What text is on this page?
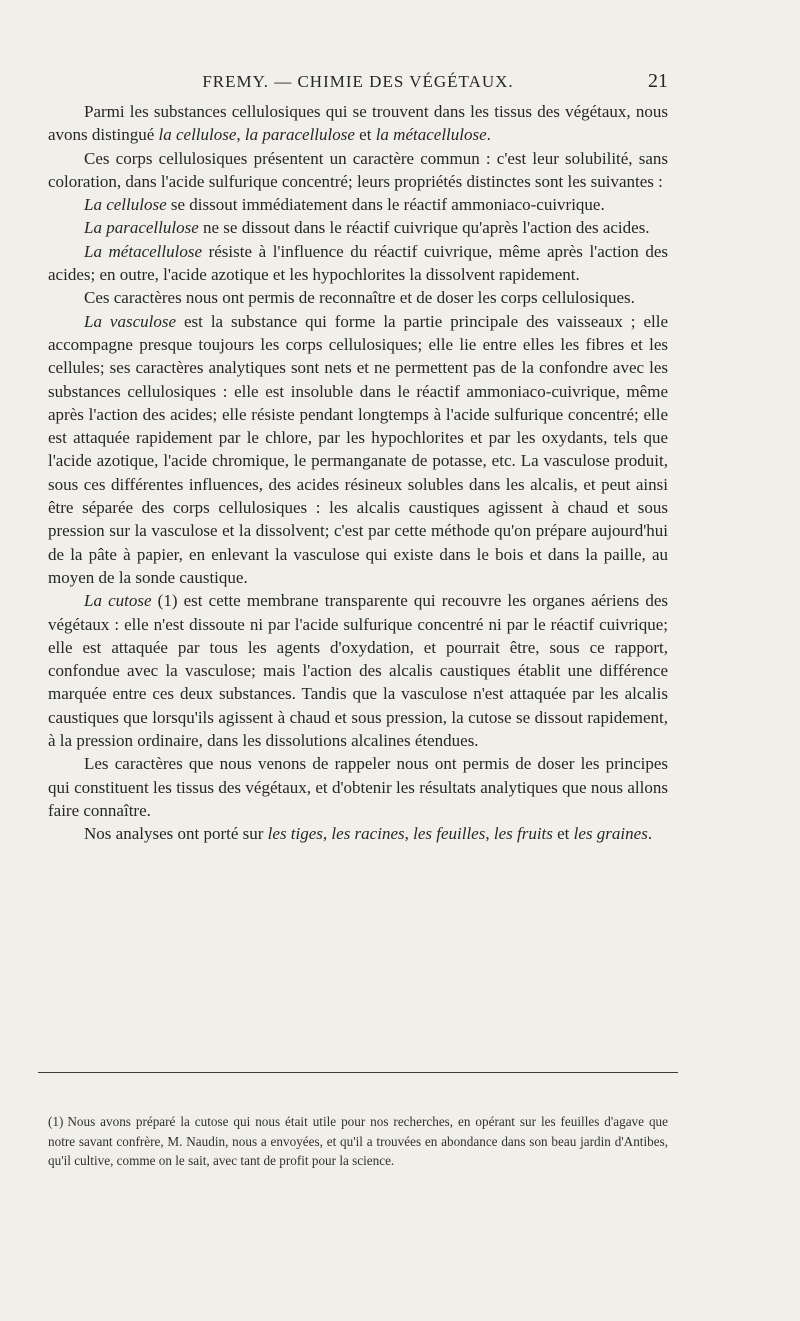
FREMY. — CHIMIE DES VÉGÉTAUX.	21

Parmi les substances cellulosiques qui se trouvent dans les tissus des végétaux, nous avons distingué la cellulose, la paracellulose et la métacellulose.

Ces corps cellulosiques présentent un caractère commun : c'est leur solubilité, sans coloration, dans l'acide sulfurique concentré; leurs propriétés distinctes sont les suivantes :

La cellulose se dissout immédiatement dans le réactif ammoniaco-cuivrique.

La paracellulose ne se dissout dans le réactif cuivrique qu'après l'action des acides.

La métacellulose résiste à l'influence du réactif cuivrique, même après l'action des acides; en outre, l'acide azotique et les hypochlorites la dissolvent rapidement.

Ces caractères nous ont permis de reconnaître et de doser les corps cellulosiques.

La vasculose est la substance qui forme la partie principale des vaisseaux ; elle accompagne presque toujours les corps cellulosiques; elle lie entre elles les fibres et les cellules; ses caractères analytiques sont nets et ne permettent pas de la confondre avec les substances cellulosiques : elle est insoluble dans le réactif ammoniaco-cuivrique, même après l'action des acides; elle résiste pendant longtemps à l'acide sulfurique concentré; elle est attaquée rapidement par le chlore, par les hypochlorites et par les oxydants, tels que l'acide azotique, l'acide chromique, le permanganate de potasse, etc. La vasculose produit, sous ces différentes influences, des acides résineux solubles dans les alcalis, et peut ainsi être séparée des corps cellulosiques : les alcalis caustiques agissent à chaud et sous pression sur la vasculose et la dissolvent; c'est par cette méthode qu'on prépare aujourd'hui de la pâte à papier, en enlevant la vasculose qui existe dans le bois et dans la paille, au moyen de la sonde caustique.

La cutose (1) est cette membrane transparente qui recouvre les organes aériens des végétaux : elle n'est dissoute ni par l'acide sulfurique concentré ni par le réactif cuivrique; elle est attaquée par tous les agents d'oxydation, et pourrait être, sous ce rapport, confondue avec la vasculose; mais l'action des alcalis caustiques établit une différence marquée entre ces deux substances. Tandis que la vasculose n'est attaquée par les alcalis caustiques que lorsqu'ils agissent à chaud et sous pression, la cutose se dissout rapidement, à la pression ordinaire, dans les dissolutions alcalines étendues.

Les caractères que nous venons de rappeler nous ont permis de doser les principes qui constituent les tissus des végétaux, et d'obtenir les résultats analytiques que nous allons faire connaître.

Nos analyses ont porté sur les tiges, les racines, les feuilles, les fruits et les graines.

(1) Nous avons préparé la cutose qui nous était utile pour nos recherches, en opérant sur les feuilles d'agave que notre savant confrère, M. Naudin, nous a envoyées, et qu'il a trouvées en abondance dans son beau jardin d'Antibes, qu'il cultive, comme on le sait, avec tant de profit pour la science.
